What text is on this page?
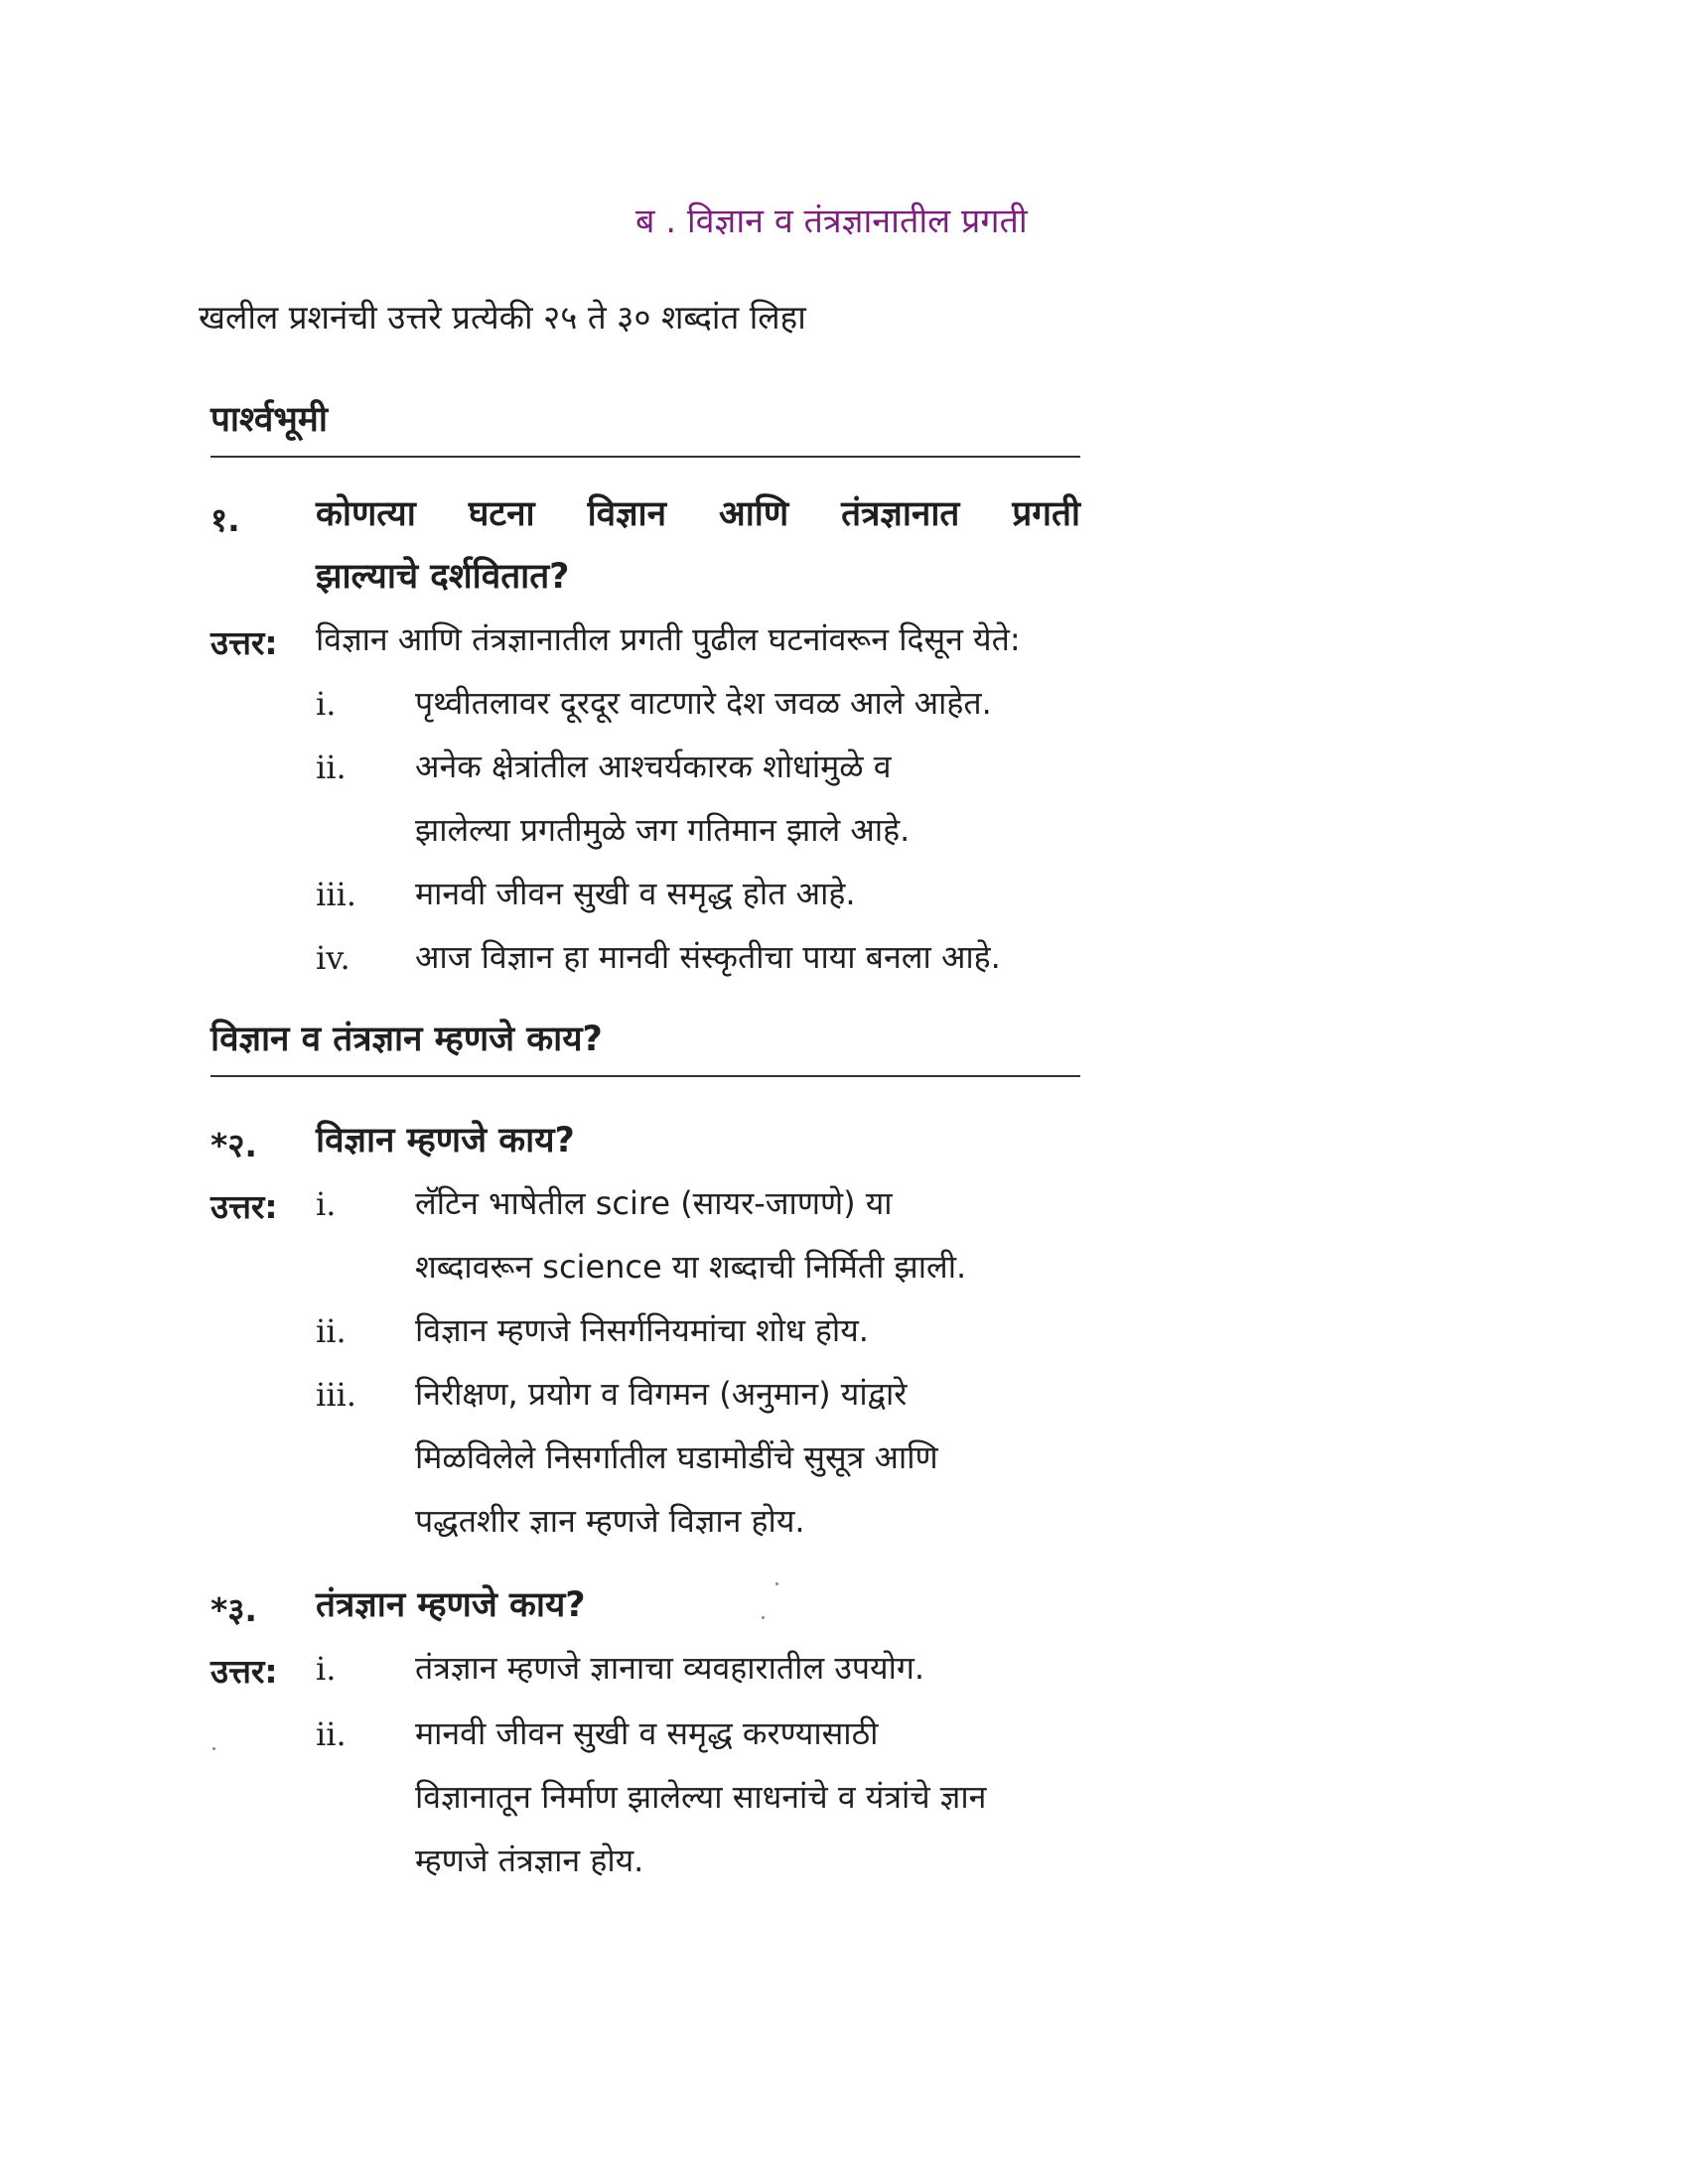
ब . विज्ञान व तंत्रज्ञानातील प्रगती
खलील प्रशनंची उत्तरे प्रत्येकी २५ ते ३० शब्दांत लिहा
पार्श्वभूमी
१. कोणत्या घटना विज्ञान आणि तंत्रज्ञानात प्रगती
झाल्याचे दर्शवितात?
उत्तर: विज्ञान आणि तंत्रज्ञानातील प्रगती पुढील घटनांवरून दिसून येते:
i. पृथ्वीतलावर दूरदूर वाटणारे देश जवळ आले आहेत.
ii. अनेक क्षेत्रांतील आश्चर्यकारक शोधांमुळे व
झालेल्या प्रगतीमुळे जग गतिमान झाले आहे.
iii. मानवी जीवन सुखी व समृद्ध होत आहे.
iv. आज विज्ञान हा मानवी संस्कृतीचा पाया बनला आहे.
विज्ञान व तंत्रज्ञान म्हणजे काय?
*२. विज्ञान म्हणजे काय?
उत्तर: i. लॅटिन भाषेतील scire (सायर-जाणणे) या
शब्दावरून science या शब्दाची निर्मिती झाली.
ii. विज्ञान म्हणजे निसर्गनियमांचा शोध होय.
iii. निरीक्षण, प्रयोग व विगमन (अनुमान) यांद्वारे
मिळविलेले निसर्गातील घडामोडींचे सुसूत्र आणि
पद्धतशीर ज्ञान म्हणजे विज्ञान होय.
*३. तंत्रज्ञान म्हणजे काय?
उत्तर: i. तंत्रज्ञान म्हणजे ज्ञानाचा व्यवहारातील उपयोग.
ii. मानवी जीवन सुखी व समृद्ध करण्यासाठी
विज्ञानातून निर्माण झालेल्या साधनांचे व यंत्रांचे ज्ञान
म्हणजे तंत्रज्ञान होय.
